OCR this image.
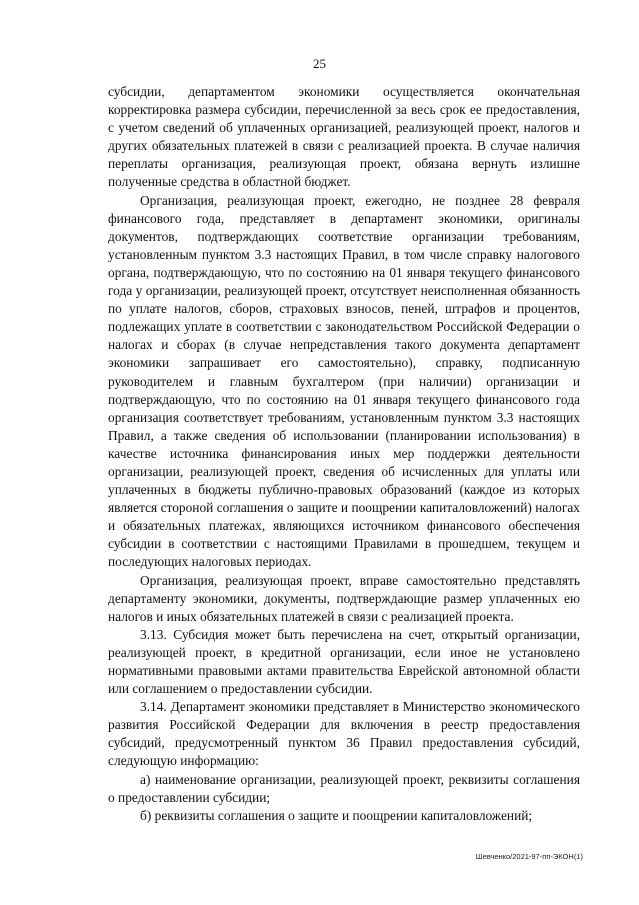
25

субсидии, департаментом экономики осуществляется окончательная корректировка размера субсидии, перечисленной за весь срок ее предоставления, с учетом сведений об уплаченных организацией, реализующей проект, налогов и других обязательных платежей в связи с реализацией проекта. В случае наличия переплаты организация, реализующая проект, обязана вернуть излишне полученные средства в областной бюджет.

Организация, реализующая проект, ежегодно, не позднее 28 февраля финансового года, представляет в департамент экономики, оригиналы документов, подтверждающих соответствие организации требованиям, установленным пунктом 3.3 настоящих Правил, в том числе справку налогового органа, подтверждающую, что по состоянию на 01 января текущего финансового года у организации, реализующей проект, отсутствует неисполненная обязанность по уплате налогов, сборов, страховых взносов, пеней, штрафов и процентов, подлежащих уплате в соответствии с законодательством Российской Федерации о налогах и сборах (в случае непредставления такого документа департамент экономики запрашивает его самостоятельно), справку, подписанную руководителем и главным бухгалтером (при наличии) организации и подтверждающую, что по состоянию на 01 января текущего финансового года организация соответствует требованиям, установленным пунктом 3.3 настоящих Правил, а также сведения об использовании (планировании использования) в качестве источника финансирования иных мер поддержки деятельности организации, реализующей проект, сведения об исчисленных для уплаты или уплаченных в бюджеты публично-правовых образований (каждое из которых является стороной соглашения о защите и поощрении капиталовложений) налогах и обязательных платежах, являющихся источником финансового обеспечения субсидии в соответствии с настоящими Правилами в прошедшем, текущем и последующих налоговых периодах.

Организация, реализующая проект, вправе самостоятельно представлять департаменту экономики, документы, подтверждающие размер уплаченных ею налогов и иных обязательных платежей в связи с реализацией проекта.

3.13. Субсидия может быть перечислена на счет, открытый организации, реализующей проект, в кредитной организации, если иное не установлено нормативными правовыми актами правительства Еврейской автономной области или соглашением о предоставлении субсидии.

3.14. Департамент экономики представляет в Министерство экономического развития Российской Федерации для включения в реестр предоставления субсидий, предусмотренный пунктом 36 Правил предоставления субсидий, следующую информацию:

а) наименование организации, реализующей проект, реквизиты соглашения о предоставлении субсидии;

б) реквизиты соглашения о защите и поощрении капиталовложений;

Шевченко/2021-97-пп-ЭКОН(1)
